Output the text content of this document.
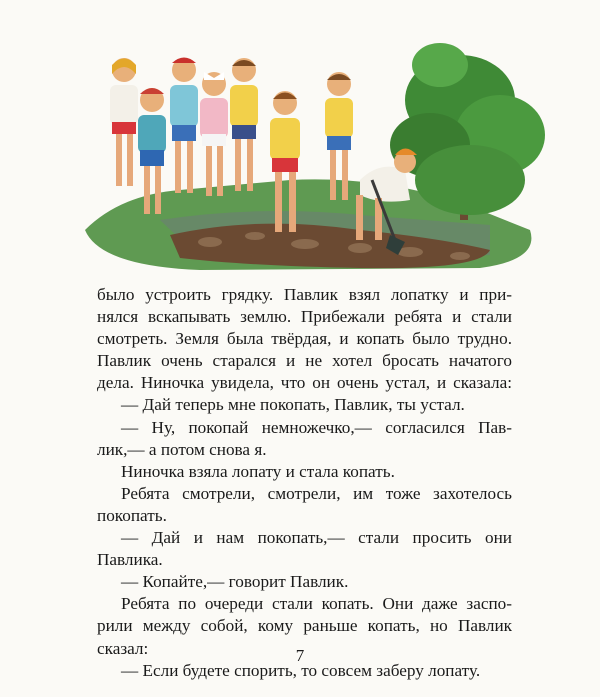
было устроить грядку. Павлик взял лопатку и при-
нялся вскапывать землю. Прибежали ребята и стали
смотреть. Земля была твёрдая, и копать было трудно.
Павлик очень старался и не хотел бросать начатого
дела. Ниночка увидела, что он очень устал, и сказала:
— Дай теперь мне покопать, Павлик, ты устал.
— Ну, покопай немножечко,— согласился Пав-
лик,— а потом снова я.
Ниночка взяла лопату и стала копать.
Ребята смотрели, смотрели, им тоже захотелось
покопать.
— Дай и нам покопать,— стали просить они
Павлика.
— Копайте,— говорит Павлик.
Ребята по очереди стали копать. Они даже заспо-
рили между собой, кому раньше копать, но Павлик
сказал:
— Если будете спорить, то совсем заберу лопату.
7
